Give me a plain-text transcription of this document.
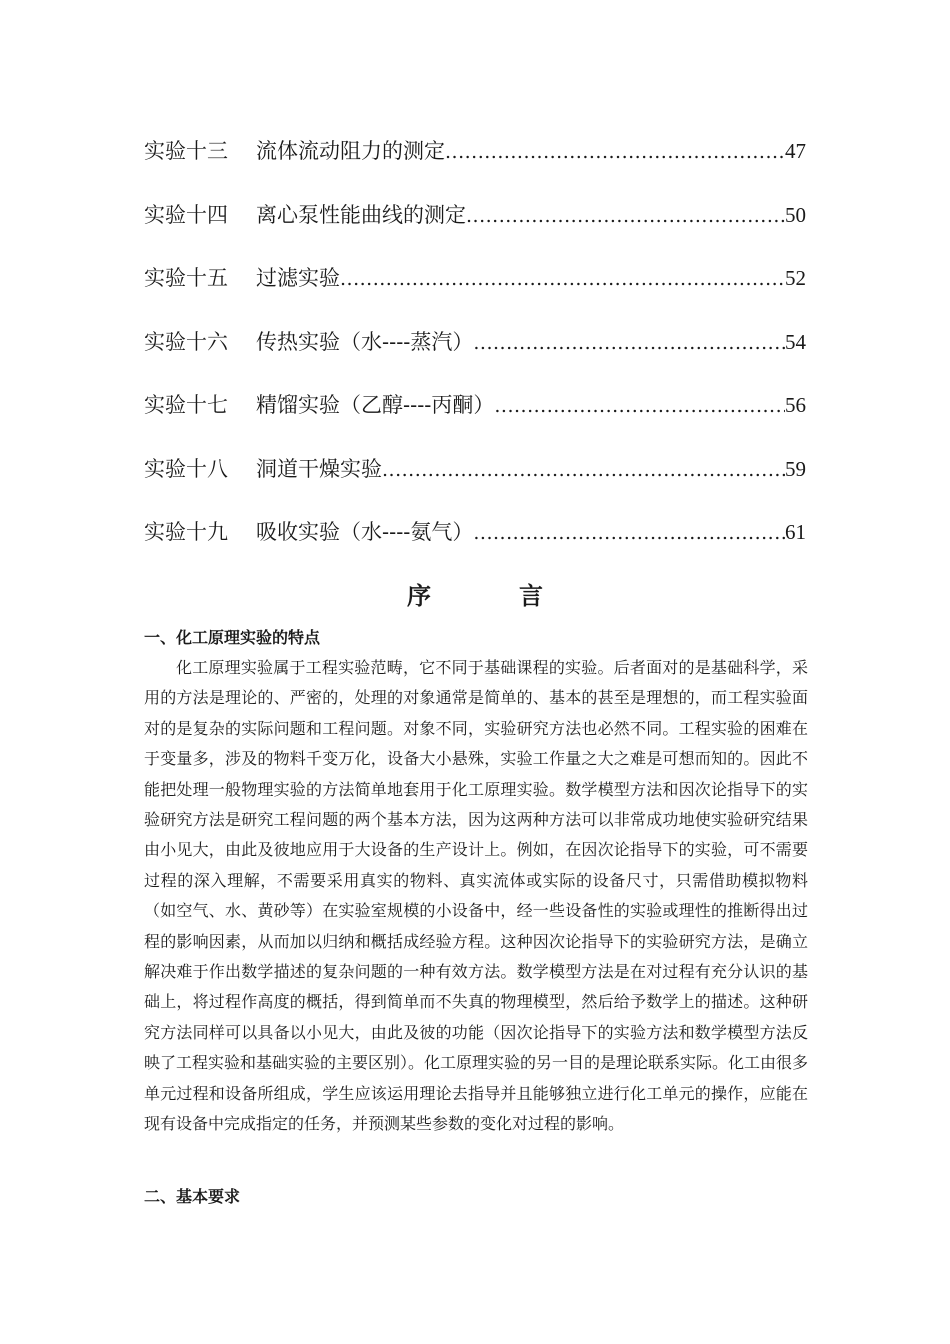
实验十三	流体流动阻力的测定 .....	47
实验十四	离心泵性能曲线的测定 .....	50
实验十五	过滤实验 .....	52
实验十六	传热实验（水----蒸汽） .....	54
实验十七	精馏实验（乙醇----丙酮） .....	56
实验十八	洞道干燥实验 .....	59
实验十九	吸收实验（水----氨气） .....	61
序	言
一、化工原理实验的特点

化工原理实验属于工程实验范畴，它不同于基础课程的实验。后者面对的是基础科学，采用的方法是理论的、严密的，处理的对象通常是简单的、基本的甚至是理想的，而工程实验面对的是复杂的实际问题和工程问题。对象不同，实验研究方法也必然不同。工程实验的困难在于变量多，涉及的物料千变万化，设备大小悬殊，实验工作量之大之难是可想而知的。因此不能把处理一般物理实验的方法简单地套用于化工原理实验。数学模型方法和因次论指导下的实验研究方法是研究工程问题的两个基本方法，因为这两种方法可以非常成功地使实验研究结果由小见大，由此及彼地应用于大设备的生产设计上。例如，在因次论指导下的实验，可不需要过程的深入理解，不需要采用真实的物料、真实流体或实际的设备尺寸，只需借助模拟物料（如空气、水、黄砂等）在实验室规模的小设备中，经一些设备性的实验或理性的推断得出过程的影响因素，从而加以归纳和概括成经验方程。这种因次论指导下的实验研究方法，是确立解决难于作出数学描述的复杂问题的一种有效方法。数学模型方法是在对过程有充分认识的基础上，将过程作高度的概括，得到简单而不失真的物理模型，然后给予数学上的描述。这种研究方法同样可以具备以小见大，由此及彼的功能（因次论指导下的实验方法和数学模型方法反映了工程实验和基础实验的主要区别）。化工原理实验的另一目的是理论联系实际。化工由很多单元过程和设备所组成，学生应该运用理论去指导并且能够独立进行化工单元的操作，应能在现有设备中完成指定的任务，并预测某些参数的变化对过程的影响。

二、基本要求
